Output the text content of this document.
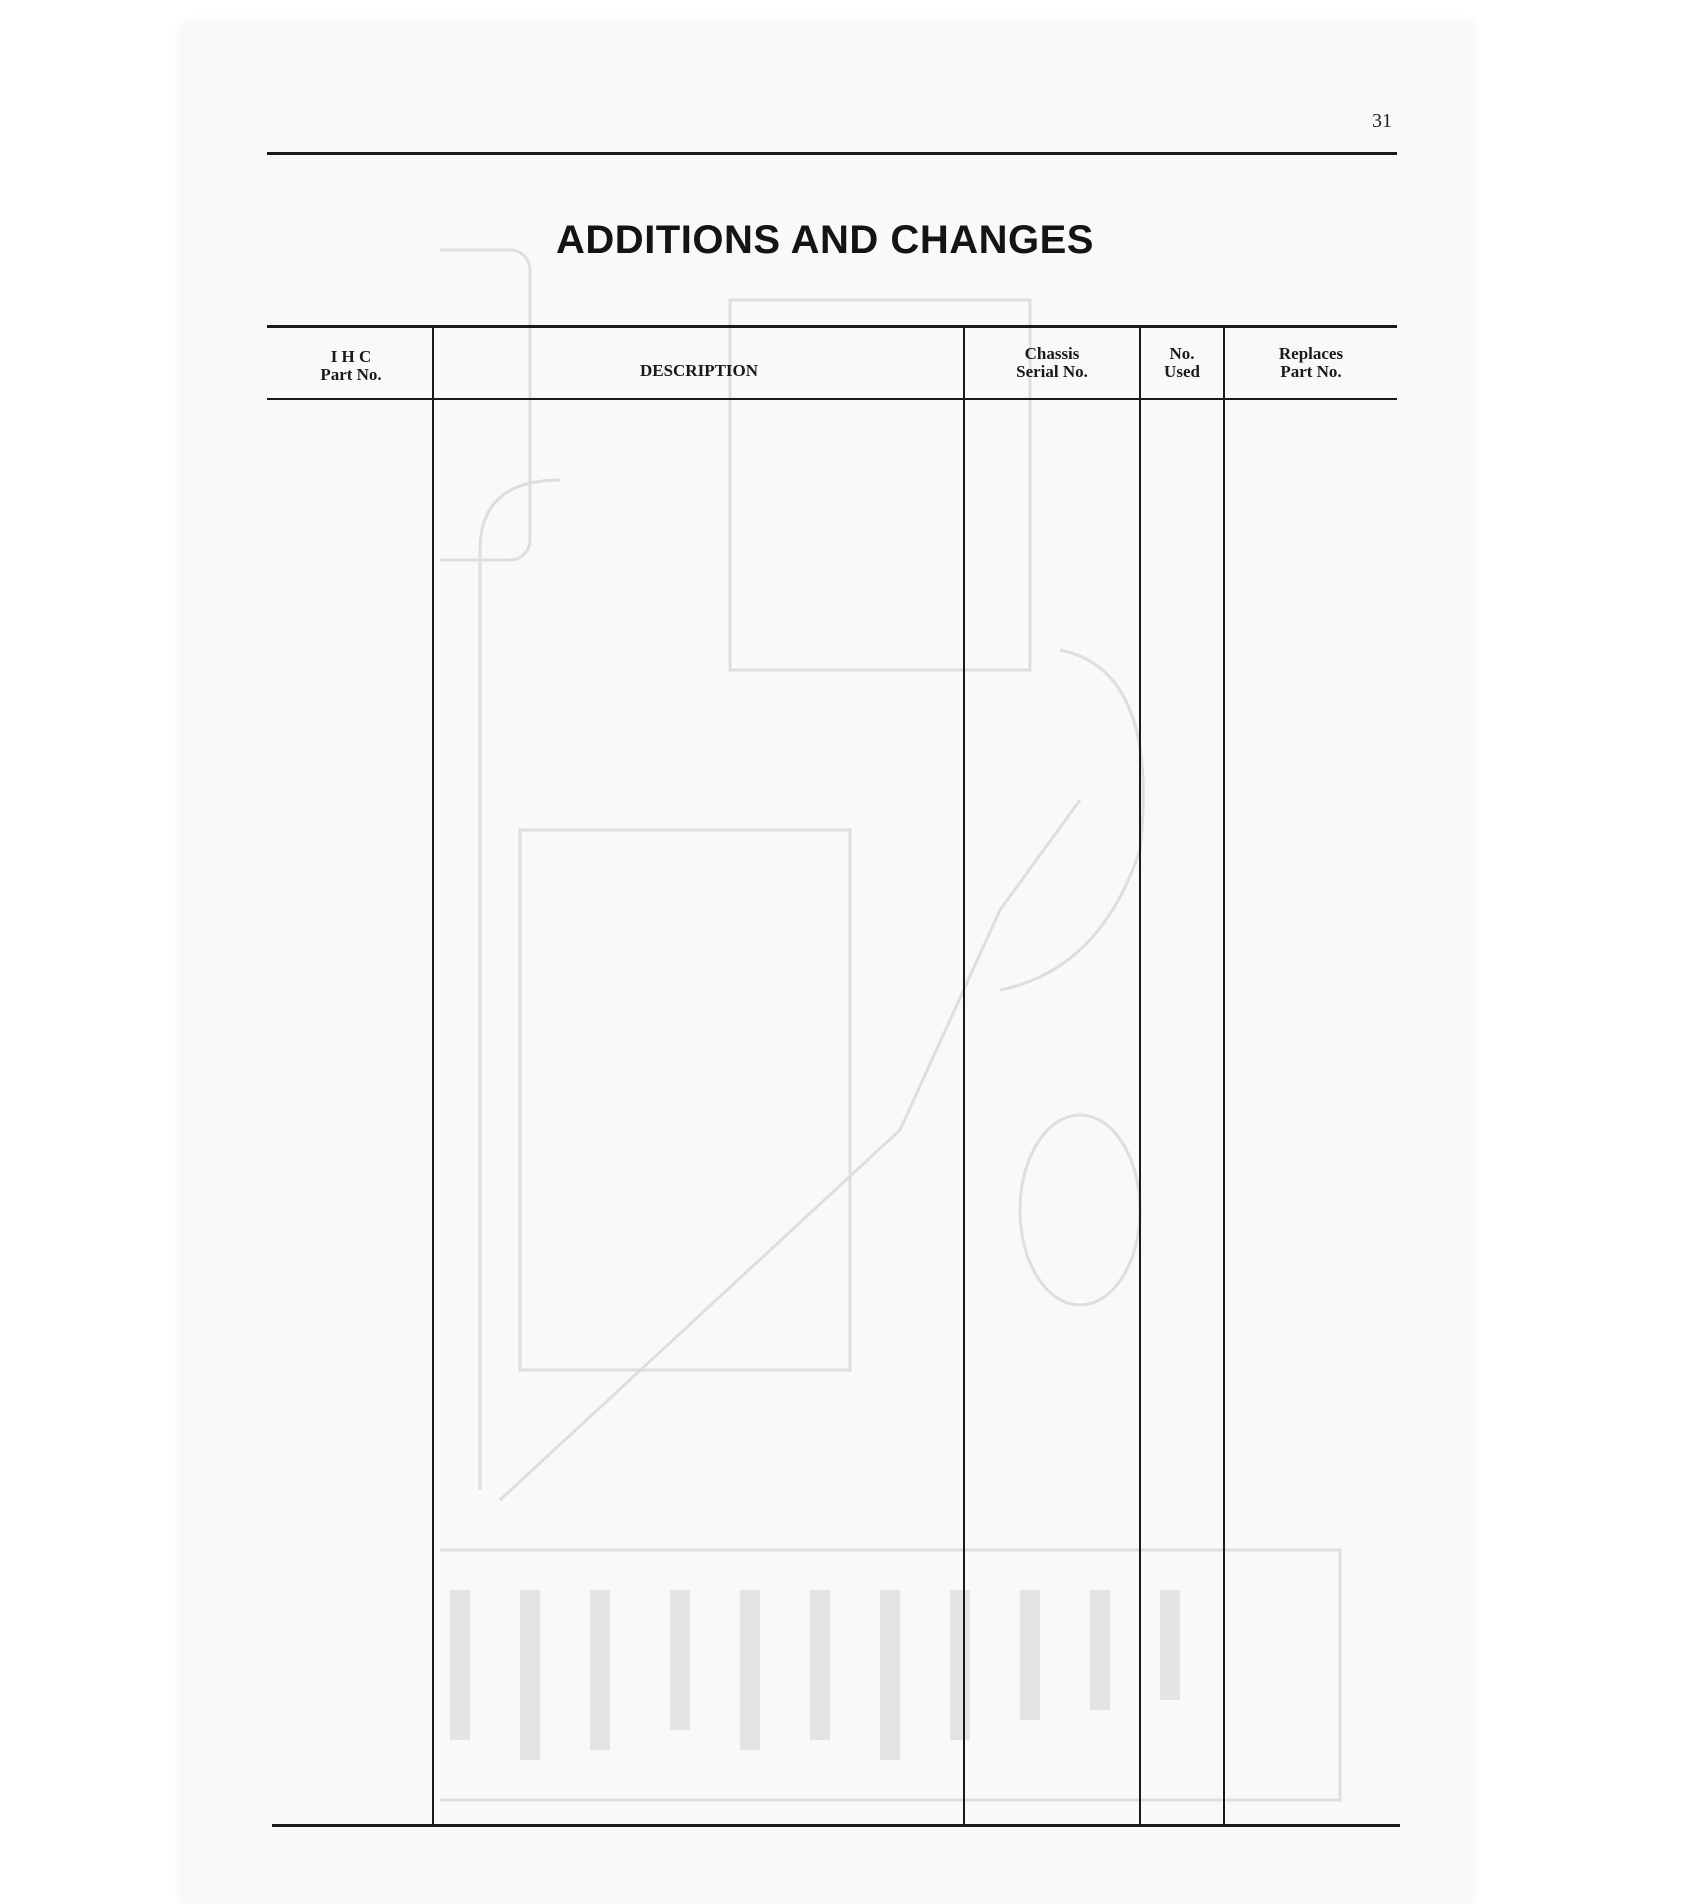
31
ADDITIONS AND CHANGES
I H C
Part No.	DESCRIPTION
Chassis
Serial No.
No.
Used
Replaces
Part No.
